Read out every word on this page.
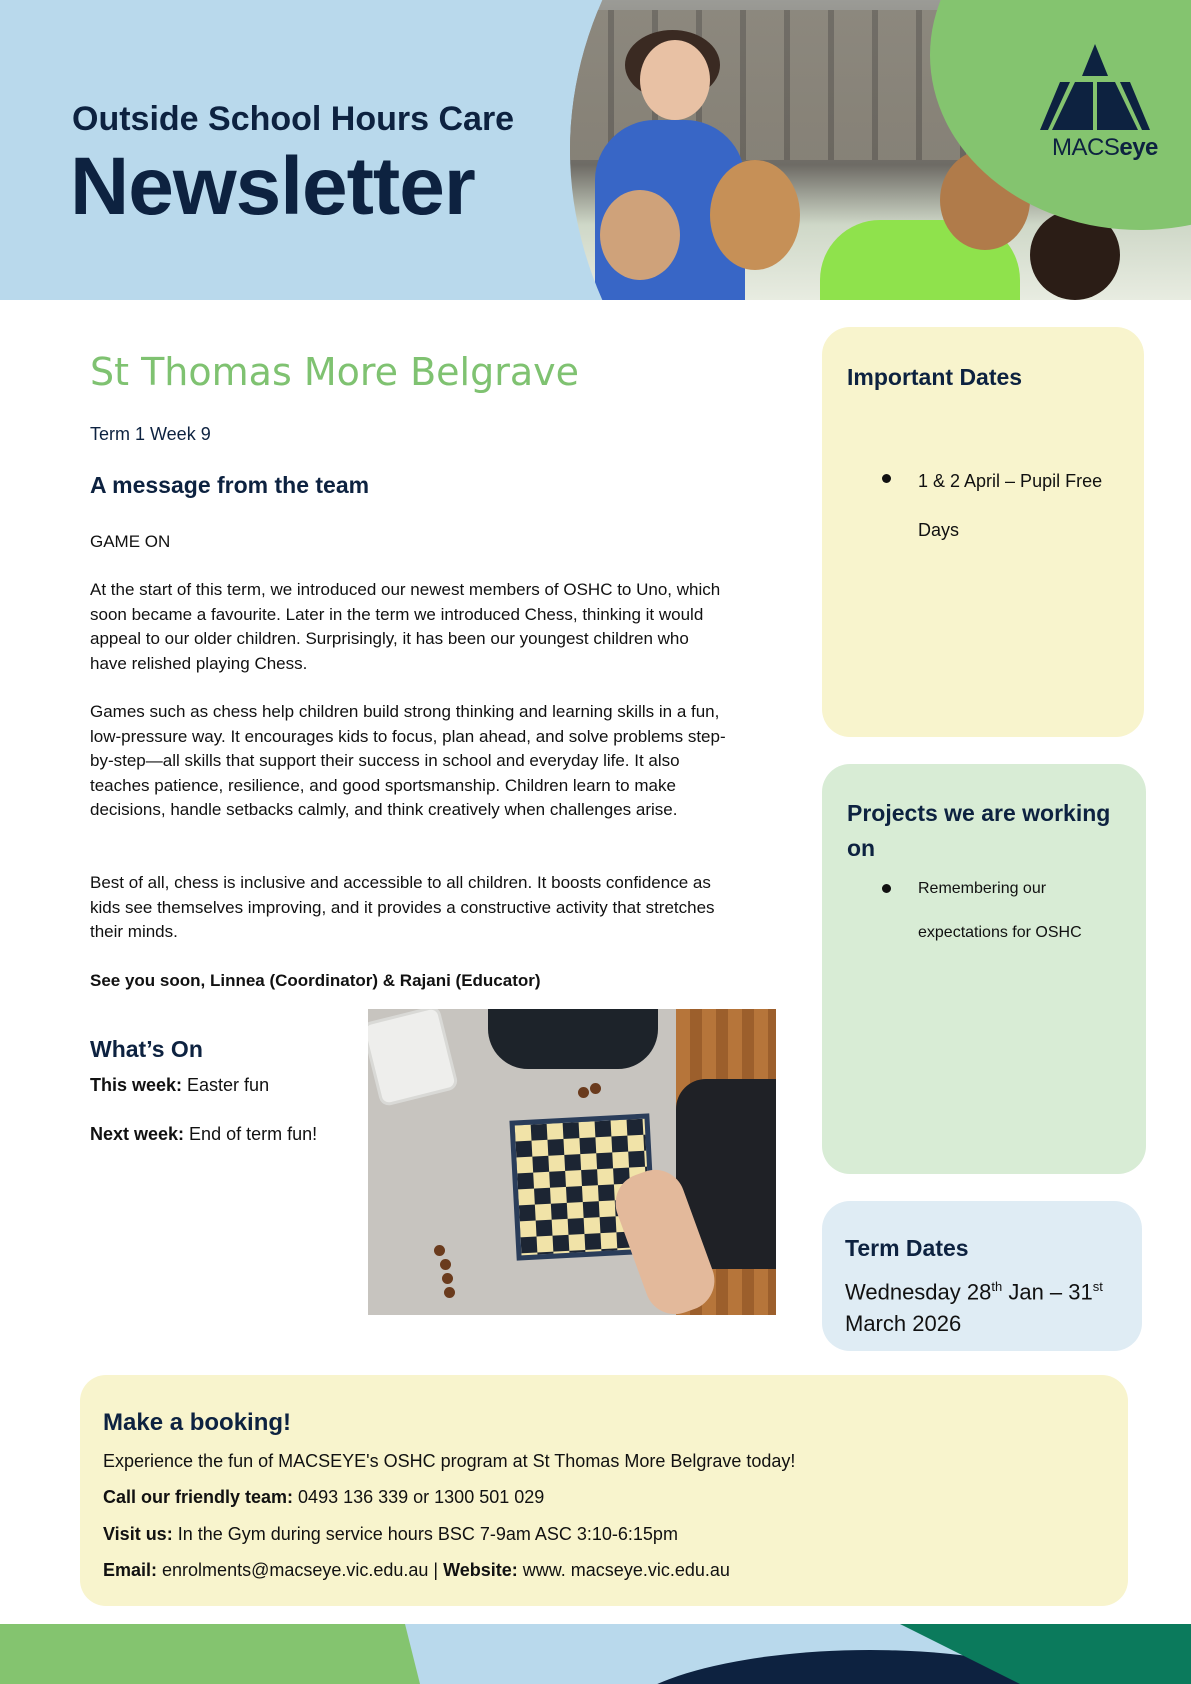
MACSeye
Outside School Hours Care
Newsletter
St Thomas More Belgrave
Term 1 Week 9
A message from the team

GAME ON

At the start of this term, we introduced our newest members of OSHC to Uno, which soon became a favourite. Later in the term we introduced Chess, thinking it would appeal to our older children. Surprisingly, it has been our youngest children who have relished playing Chess.

Games such as chess help children build strong thinking and learning skills in a fun, low-pressure way. It encourages kids to focus, plan ahead, and solve problems step-by-step—all skills that support their success in school and everyday life. It also teaches patience, resilience, and good sportsmanship. Children learn to make decisions, handle setbacks calmly, and think creatively when challenges arise.

Best of all, chess is inclusive and accessible to all children. It boosts confidence as kids see themselves improving, and it provides a constructive activity that stretches their minds.

See you soon, Linnea (Coordinator) & Rajani (Educator)

What’s On
This week: Easter fun
Next week: End of term fun!
Important Dates
1 & 2 April – Pupil Free Days
Projects we are working on
Remembering our expectations for OSHC
Term Dates
Wednesday 28th Jan – 31st March 2026
Make a booking!
Experience the fun of MACSEYE's OSHC program at St Thomas More Belgrave today!
Call our friendly team: 0493 136 339 or 1300 501 029
Visit us: In the Gym during service hours BSC 7-9am ASC 3:10-6:15pm
Email: enrolments@macseye.vic.edu.au | Website: www. macseye.vic.edu.au
